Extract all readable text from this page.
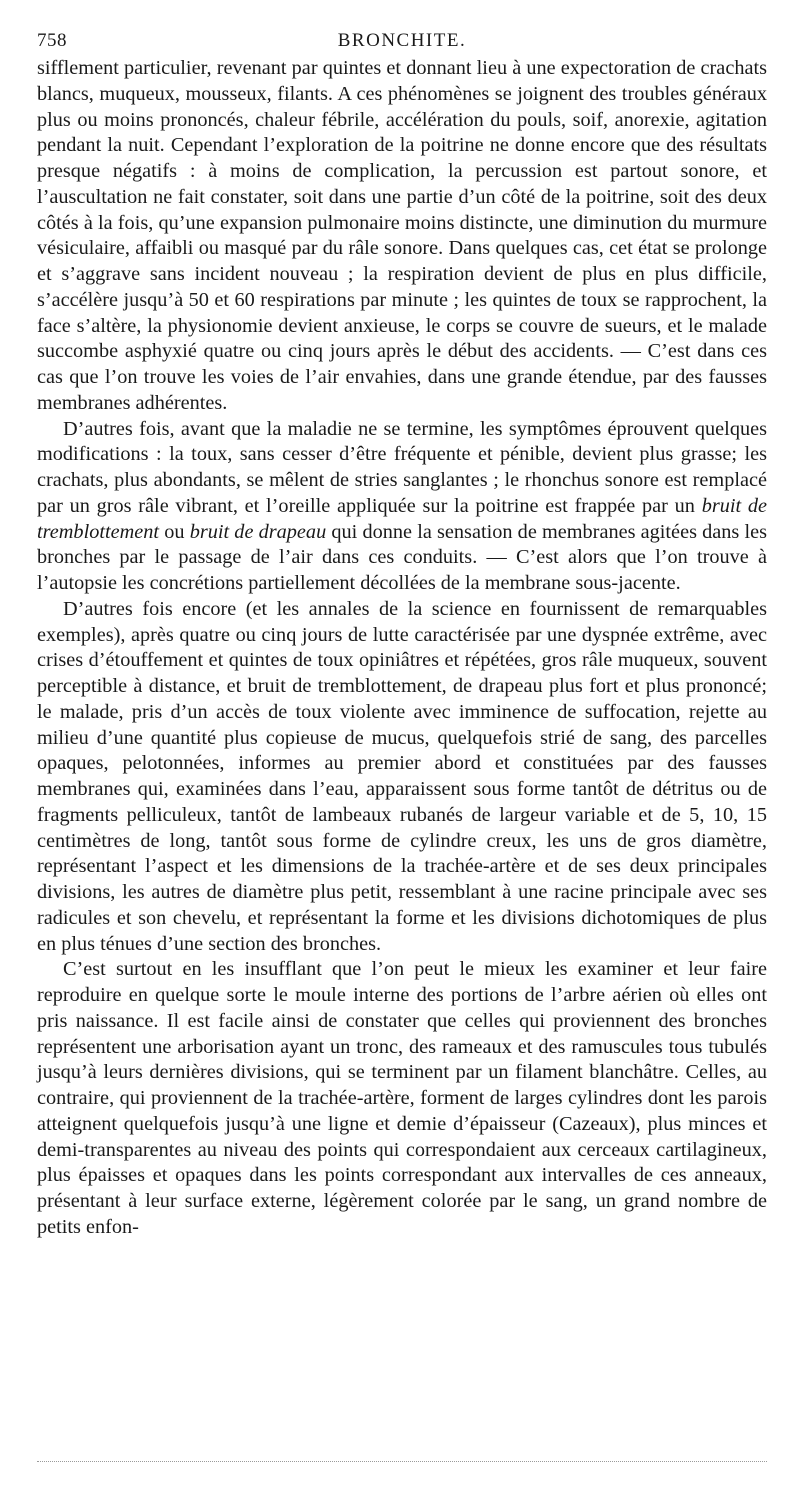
758	BRONCHITE.

sifflement particulier, revenant par quintes et donnant lieu à une expectoration de crachats blancs, muqueux, mousseux, filants. A ces phénomènes se joignent des troubles généraux plus ou moins prononcés, chaleur fébrile, accélération du pouls, soif, anorexie, agitation pendant la nuit. Cependant l’exploration de la poitrine ne donne encore que des résultats presque négatifs : à moins de complication, la percussion est partout sonore, et l’auscultation ne fait constater, soit dans une partie d’un côté de la poitrine, soit des deux côtés à la fois, qu’une expansion pulmonaire moins distincte, une diminution du murmure vésiculaire, affaibli ou masqué par du râle sonore. Dans quelques cas, cet état se prolonge et s’aggrave sans incident nouveau ; la respiration devient de plus en plus difficile, s’accélère jusqu’à 50 et 60 respirations par minute ; les quintes de toux se rapprochent, la face s’altère, la physionomie devient anxieuse, le corps se couvre de sueurs, et le malade succombe asphyxié quatre ou cinq jours après le début des accidents. — C’est dans ces cas que l’on trouve les voies de l’air envahies, dans une grande étendue, par des fausses membranes adhérentes.

D’autres fois, avant que la maladie ne se termine, les symptômes éprouvent quelques modifications : la toux, sans cesser d’être fréquente et pénible, devient plus grasse; les crachats, plus abondants, se mêlent de stries sanglantes ; le rhonchus sonore est remplacé par un gros râle vibrant, et l’oreille appliquée sur la poitrine est frappée par un bruit de tremblottement ou bruit de drapeau qui donne la sensation de membranes agitées dans les bronches par le passage de l’air dans ces conduits. — C’est alors que l’on trouve à l’autopsie les concrétions partiellement décollées de la membrane sous-jacente.

D’autres fois encore (et les annales de la science en fournissent de remarquables exemples), après quatre ou cinq jours de lutte caractérisée par une dyspnée extrême, avec crises d’étouffement et quintes de toux opiniâtres et répétées, gros râle muqueux, souvent perceptible à distance, et bruit de tremblottement, de drapeau plus fort et plus prononcé; le malade, pris d’un accès de toux violente avec imminence de suffocation, rejette au milieu d’une quantité plus copieuse de mucus, quelquefois strié de sang, des parcelles opaques, pelotonnées, informes au premier abord et constituées par des fausses membranes qui, examinées dans l’eau, apparaissent sous forme tantôt de détritus ou de fragments pelliculeux, tantôt de lambeaux rubanés de largeur variable et de 5, 10, 15 centimètres de long, tantôt sous forme de cylindre creux, les uns de gros diamètre, représentant l’aspect et les dimensions de la trachée-artère et de ses deux principales divisions, les autres de diamètre plus petit, ressemblant à une racine principale avec ses radicules et son chevelu, et représentant la forme et les divisions dichotomiques de plus en plus ténues d’une section des bronches.

C’est surtout en les insufflant que l’on peut le mieux les examiner et leur faire reproduire en quelque sorte le moule interne des portions de l’arbre aérien où elles ont pris naissance. Il est facile ainsi de constater que celles qui proviennent des bronches représentent une arborisation ayant un tronc, des rameaux et des ramuscules tous tubulés jusqu’à leurs dernières divisions, qui se terminent par un filament blanchâtre. Celles, au contraire, qui proviennent de la trachée-artère, forment de larges cylindres dont les parois atteignent quelquefois jusqu’à une ligne et demie d’épaisseur (Cazeaux), plus minces et demi-transparentes au niveau des points qui correspondaient aux cerceaux cartilagineux, plus épaisses et opaques dans les points correspondant aux intervalles de ces anneaux, présentant à leur surface externe, légèrement colorée par le sang, un grand nombre de petits enfon-
